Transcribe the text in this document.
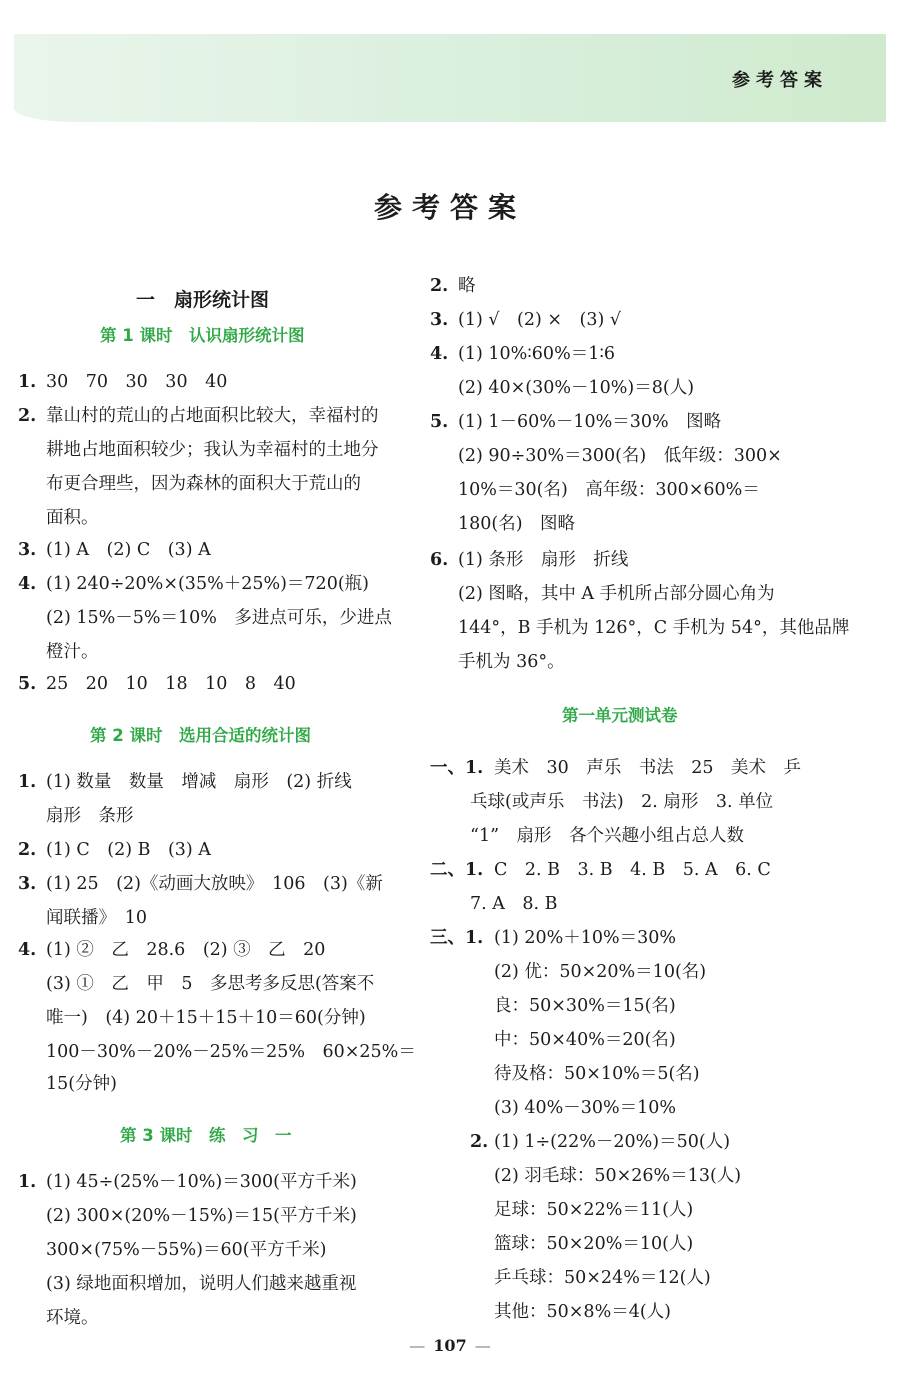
参考答案
参考答案
一　扇形统计图
第 1 课时　认识扇形统计图
1. 30　70　30　30　40
2. 靠山村的荒山的占地面积比较大，幸福村的
耕地占地面积较少；我认为幸福村的土地分
布更合理些，因为森林的面积大于荒山的
面积。
3. (1) A　(2) C　(3) A
4. (1) 240÷20%×(35%＋25%)＝720(瓶)
(2) 15%－5%＝10%　多进点可乐，少进点
橙汁。
5. 25　20　10　18　10　8　40
第 2 课时　选用合适的统计图
1. (1) 数量　数量　增减　扇形　(2) 折线
扇形　条形
2. (1) C　(2) B　(3) A
3. (1) 25　(2)《动画大放映》　106　(3)《新
闻联播》　10
4. (1) ②　乙　28.6　(2) ③　乙　20
(3) ①　乙　甲　5　多思考多反思(答案不
唯一)　(4) 20＋15＋15＋10＝60(分钟)
100－30%－20%－25%＝25%　60×25%＝
15(分钟)
第 3 课时　练　习　一
1. (1) 45÷(25%－10%)＝300(平方千米)
(2) 300×(20%－15%)＝15(平方千米)
300×(75%－55%)＝60(平方千米)
(3) 绿地面积增加，说明人们越来越重视
环境。
2. 略
3. (1) √　(2) ×　(3) √
4. (1) 10%∶60%＝1∶6
(2) 40×(30%－10%)＝8(人)
5. (1) 1－60%－10%＝30%　图略
(2) 90÷30%＝300(名)　低年级：300×
10%＝30(名)　高年级：300×60%＝
180(名)　图略
6. (1) 条形　扇形　折线
(2) 图略，其中 A 手机所占部分圆心角为
144°，B 手机为 126°，C 手机为 54°，其他品牌
手机为 36°。
第一单元测试卷
一、1. 美术　30　声乐　书法　25　美术　乒
乓球(或声乐　书法)　2. 扇形　3. 单位
“1”　扇形　各个兴趣小组占总人数
二、1. C　2. B　3. B　4. B　5. A　6. C
7. A　8. B
三、1. (1) 20%＋10%＝30%
(2) 优：50×20%＝10(名)
良：50×30%＝15(名)
中：50×40%＝20(名)
待及格：50×10%＝5(名)
(3) 40%－30%＝10%
2. (1) 1÷(22%－20%)＝50(人)
(2) 羽毛球：50×26%＝13(人)
足球：50×22%＝11(人)
篮球：50×20%＝10(人)
乒乓球：50×24%＝12(人)
其他：50×8%＝4(人)
— 107 —
